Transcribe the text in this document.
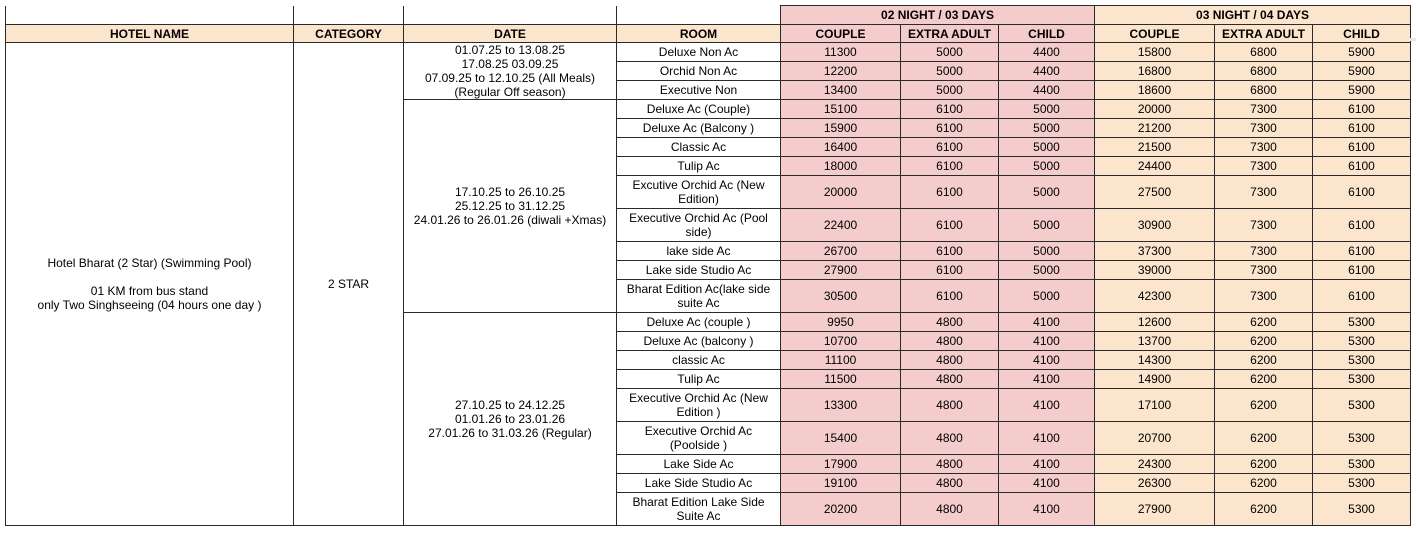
				02 NIGHT / 03 DAYS			03 NIGHT / 04 DAYS		
HOTEL NAME	CATEGORY	DATE	ROOM	COUPLE	EXTRA ADULT	CHILD	COUPLE	EXTRA ADULT	CHILD
Hotel Bharat (2 Star) (Swimming Pool)

01 KM from bus stand
only Two Singhseeing (04 hours one day )	2 STAR	01.07.25 to 13.08.25
17.08.25 03.09.25
07.09.25 to 12.10.25 (All Meals)
(Regular Off season)	Deluxe Non Ac	11300	5000	4400	15800	6800	5900
			Orchid Non Ac	12200	5000	4400	16800	6800	5900
			Executive Non	13400	5000	4400	18600	6800	5900
		17.10.25 to 26.10.25
25.12.25 to 31.12.25
24.01.26 to 26.01.26 (diwali +Xmas)	Deluxe Ac (Couple)	15100	6100	5000	20000	7300	6100
			Deluxe Ac (Balcony )	15900	6100	5000	21200	7300	6100
			Classic Ac	16400	6100	5000	21500	7300	6100
			Tulip Ac	18000	6100	5000	24400	7300	6100
			Excutive Orchid Ac (New Edition)	20000	6100	5000	27500	7300	6100
			Executive Orchid Ac (Pool side)	22400	6100	5000	30900	7300	6100
			lake side Ac	26700	6100	5000	37300	7300	6100
			Lake side Studio Ac	27900	6100	5000	39000	7300	6100
			Bharat Edition Ac(lake side suite Ac	30500	6100	5000	42300	7300	6100
		27.10.25 to 24.12.25
01.01.26 to 23.01.26
27.01.26 to 31.03.26 (Regular)	Deluxe Ac (couple )	9950	4800	4100	12600	6200	5300
			Deluxe Ac (balcony )	10700	4800	4100	13700	6200	5300
			classic Ac	11100	4800	4100	14300	6200	5300
			Tulip Ac	11500	4800	4100	14900	6200	5300
			Executive Orchid Ac (New Edition )	13300	4800	4100	17100	6200	5300
			Executive Orchid Ac (Poolside )	15400	4800	4100	20700	6200	5300
			Lake Side Ac	17900	4800	4100	24300	6200	5300
			Lake Side Studio Ac	19100	4800	4100	26300	6200	5300
			Bharat Edition Lake Side Suite Ac	20200	4800	4100	27900	6200	5300
